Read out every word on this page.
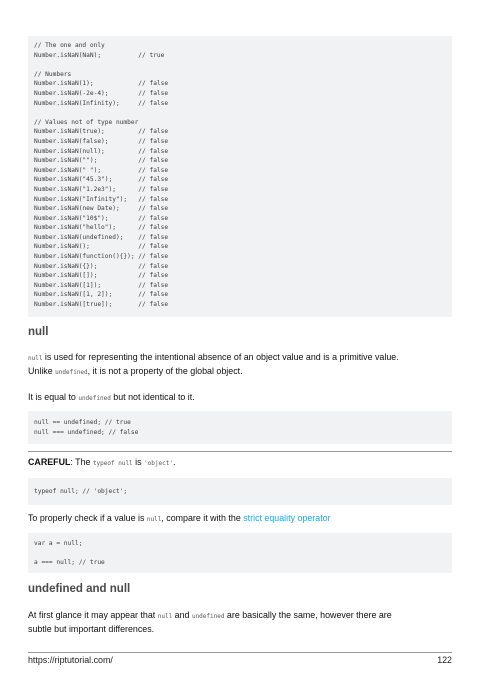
// The one and only
Number.isNaN(NaN);          // true
// Numbers
Number.isNaN(1);            // false
Number.isNaN(-2e-4);        // false
Number.isNaN(Infinity);     // false
// Values not of type number
Number.isNaN(true);         // false
Number.isNaN(false);        // false
Number.isNaN(null);         // false
Number.isNaN("");           // false
Number.isNaN(" ");          // false
Number.isNaN("45.3");       // false
Number.isNaN("1.2e3");      // false
Number.isNaN("Infinity");   // false
Number.isNaN(new Date);     // false
Number.isNaN("10$");        // false
Number.isNaN("hello");      // false
Number.isNaN(undefined);    // false
Number.isNaN();             // false
Number.isNaN(function(){}); // false
Number.isNaN({});           // false
Number.isNaN([]);           // false
Number.isNaN([1]);          // false
Number.isNaN([1, 2]);       // false
Number.isNaN([true]);       // false
null
null is used for representing the intentional absence of an object value and is a primitive value.
Unlike undefined, it is not a property of the global object.
It is equal to undefined but not identical to it.
null == undefined; // true
null === undefined; // false
CAREFUL: The typeof null is 'object'.
typeof null; // 'object';
To properly check if a value is null, compare it with the strict equality operator
var a = null;
a === null; // true
undefined and null
At first glance it may appear that null and undefined are basically the same, however there are
subtle but important differences.
https://riptutorial.com/	122
